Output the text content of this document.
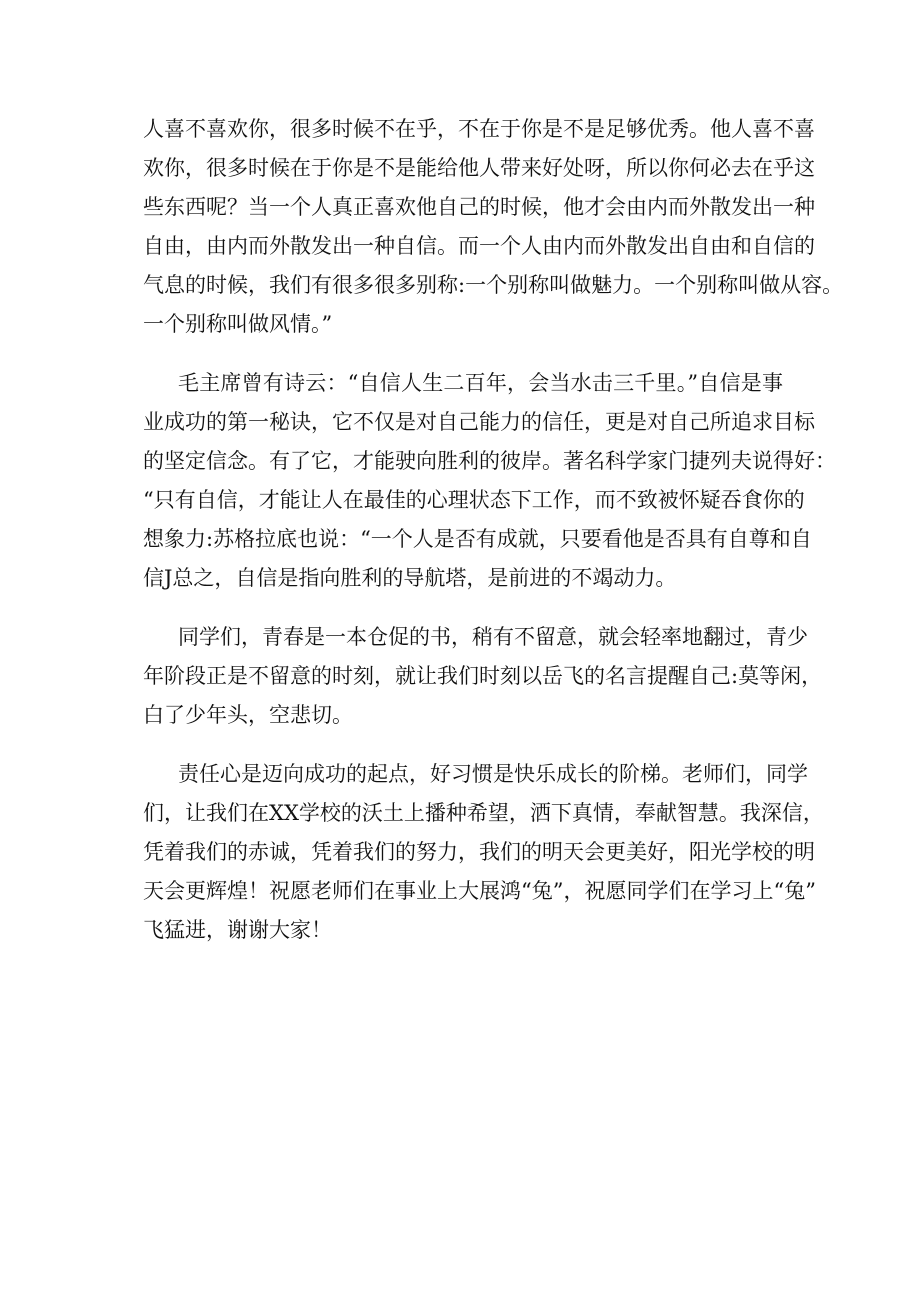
人喜不喜欢你，很多时候不在乎，不在于你是不是足够优秀。他人喜不喜
欢你，很多时候在于你是不是能给他人带来好处呀，所以你何必去在乎这
些东西呢？当一个人真正喜欢他自己的时候，他才会由内而外散发出一种
自由，由内而外散发出一种自信。而一个人由内而外散发出自由和自信的
气息的时候，我们有很多很多别称:一个别称叫做魅力。一个别称叫做从容。
一个别称叫做风情。”
毛主席曾有诗云：“自信人生二百年，会当水击三千里。”自信是事
业成功的第一秘诀，它不仅是对自己能力的信任，更是对自己所追求目标
的坚定信念。有了它，才能驶向胜利的彼岸。著名科学家门捷列夫说得好：
“只有自信，才能让人在最佳的心理状态下工作，而不致被怀疑吞食你的
想象力:苏格拉底也说：“一个人是否有成就，只要看他是否具有自尊和自
信J总之，自信是指向胜利的导航塔，是前进的不竭动力。
同学们，青春是一本仓促的书，稍有不留意，就会轻率地翻过，青少
年阶段正是不留意的时刻，就让我们时刻以岳飞的名言提醒自己:莫等闲，
白了少年头，空悲切。
责任心是迈向成功的起点，好习惯是快乐成长的阶梯。老师们，同学
们，让我们在XX学校的沃土上播种希望，洒下真情，奉献智慧。我深信，
凭着我们的赤诚，凭着我们的努力，我们的明天会更美好，阳光学校的明
天会更辉煌！祝愿老师们在事业上大展鸿“兔”，祝愿同学们在学习上“兔”
飞猛进，谢谢大家！
